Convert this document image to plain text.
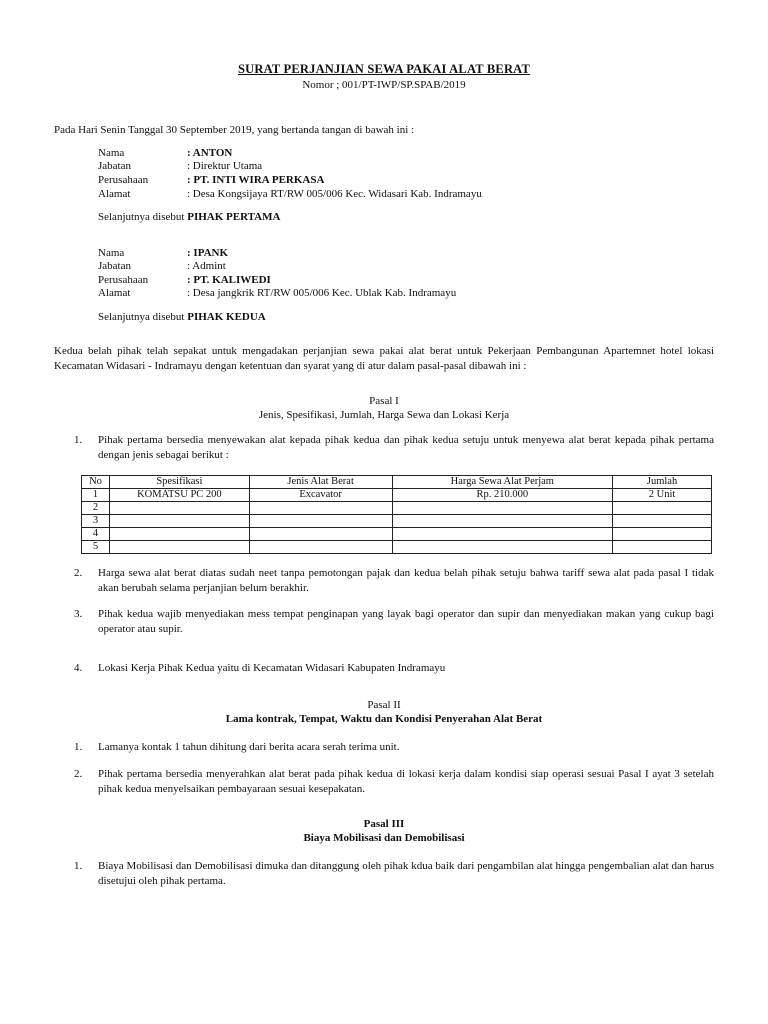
SURAT PERJANJIAN SEWA PAKAI ALAT BERAT
Nomor ; 001/PT-IWP/SP.SPAB/2019
Pada Hari Senin Tanggal 30 September 2019, yang bertanda tangan di bawah ini :
Nama	: ANTON
Jabatan	: Direktur Utama
Perusahaan	: PT. INTI WIRA PERKASA
Alamat	: Desa Kongsijaya RT/RW 005/006 Kec. Widasari Kab. Indramayu
Selanjutnya disebut PIHAK PERTAMA
Nama	: IPANK
Jabatan	: Admint
Perusahaan	: PT. KALIWEDI
Alamat	: Desa jangkrik RT/RW 005/006 Kec. Ublak Kab. Indramayu
Selanjutnya disebut PIHAK KEDUA
Kedua belah pihak telah sepakat untuk mengadakan perjanjian sewa pakai alat berat untuk Pekerjaan Pembangunan Apartemnet hotel lokasi Kecamatan Widasari - Indramayu dengan ketentuan dan syarat yang di atur dalam pasal-pasal dibawah ini :
Pasal I
Jenis, Spesifikasi, Jumlah, Harga Sewa dan Lokasi Kerja
1. Pihak pertama bersedia menyewakan alat kepada pihak kedua dan pihak kedua setuju untuk menyewa alat berat kepada pihak pertama dengan jenis sebagai berikut :
No	Spesifikasi	Jenis Alat Berat	Harga Sewa Alat Perjam	Jumlah
1	KOMATSU PC 200	Excavator	Rp. 210.000	2 Unit
2				
3				
4				
5				
2. Harga sewa alat berat diatas sudah neet tanpa pemotongan pajak dan kedua belah pihak setuju bahwa tariff sewa alat pada pasal I tidak akan berubah selama perjanjian belum berakhir.
3. Pihak kedua wajib menyediakan mess tempat penginapan yang layak bagi operator dan supir dan menyediakan makan yang cukup bagi operator atau supir.
4. Lokasi Kerja Pihak Kedua yaitu di Kecamatan Widasari Kabupaten Indramayu
Pasal II
Lama kontrak, Tempat, Waktu dan Kondisi Penyerahan Alat Berat
1. Lamanya kontak 1 tahun dihitung dari berita acara serah terima unit.
2. Pihak pertama bersedia menyerahkan alat berat pada pihak kedua di lokasi kerja dalam kondisi siap operasi sesuai Pasal I ayat 3 setelah pihak kedua menyelsaikan pembayaraan sesuai kesepakatan.
Pasal III
Biaya Mobilisasi dan Demobilisasi
1. Biaya Mobilisasi dan Demobilisasi dimuka dan ditanggung oleh pihak kdua baik dari pengambilan alat hingga pengembalian alat dan harus disetujui oleh pihak pertama.
